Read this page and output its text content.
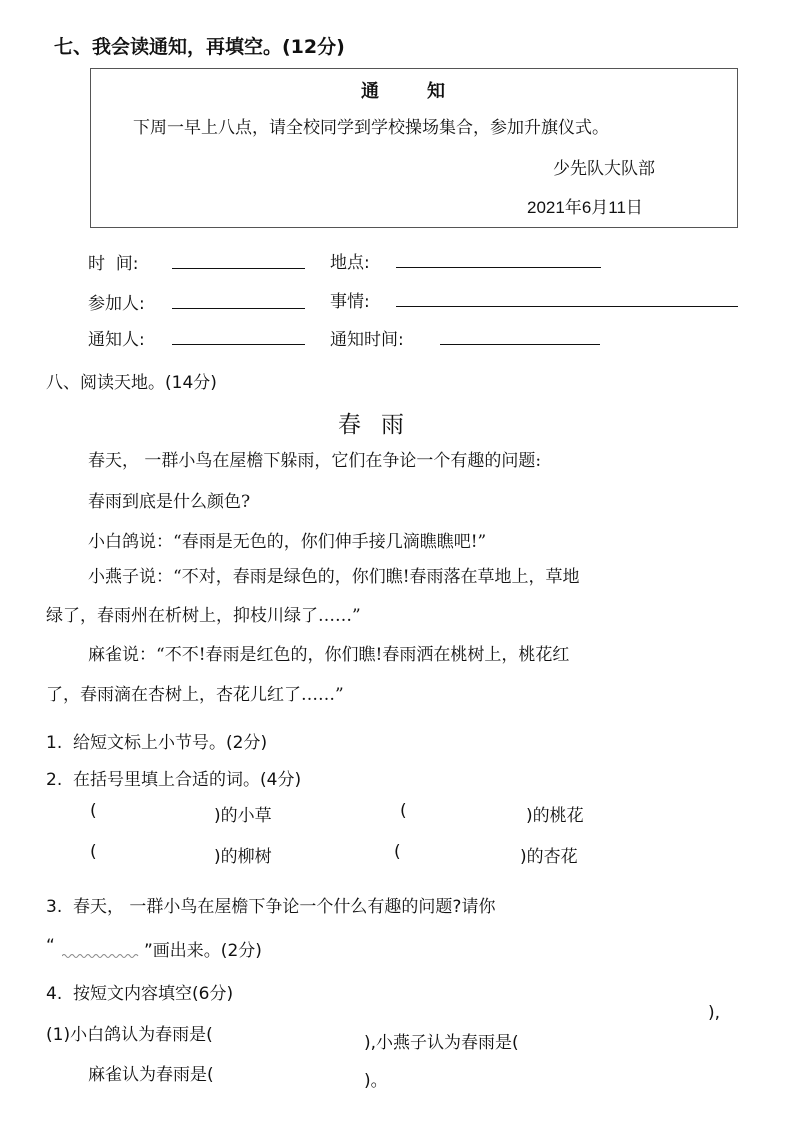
七、我会读通知，再填空。(12分)
通知
下周一早上八点，请全校同学到学校操场集合，参加升旗仪式。
少先队大队部
2021年6月11日
时  间:	地点:
参加人:	事情:
通知人:	通知时间:
八、阅读天地。(14分)
春雨
春天， 一群小鸟在屋檐下躲雨，它们在争论一个有趣的问题:
春雨到底是什么颜色?
小白鸽说：“春雨是无色的，你们伸手接几滴瞧瞧吧!”
小燕子说：“不对，春雨是绿色的，你们瞧!春雨落在草地上，草地
绿了，春雨州在析树上，抑枝川绿了……”
麻雀说：“不不!春雨是红色的，你们瞧!春雨洒在桃树上，桃花红
了，春雨滴在杏树上，杏花儿红了……”
1.  给短文标上小节号。(2分)
2.  在括号里填上合适的词。(4分)
(	)的小草	(	)的桃花
(	)的柳树	(	)的杏花
3.  春天， 一群小鸟在屋檐下争论一个什么有趣的问题?请你
“	”画出来。(2分)
4.  按短文内容填空(6分)
(1)小白鸽认为春雨是(	),小燕子认为春雨是(
),
麻雀认为春雨是(	)。
